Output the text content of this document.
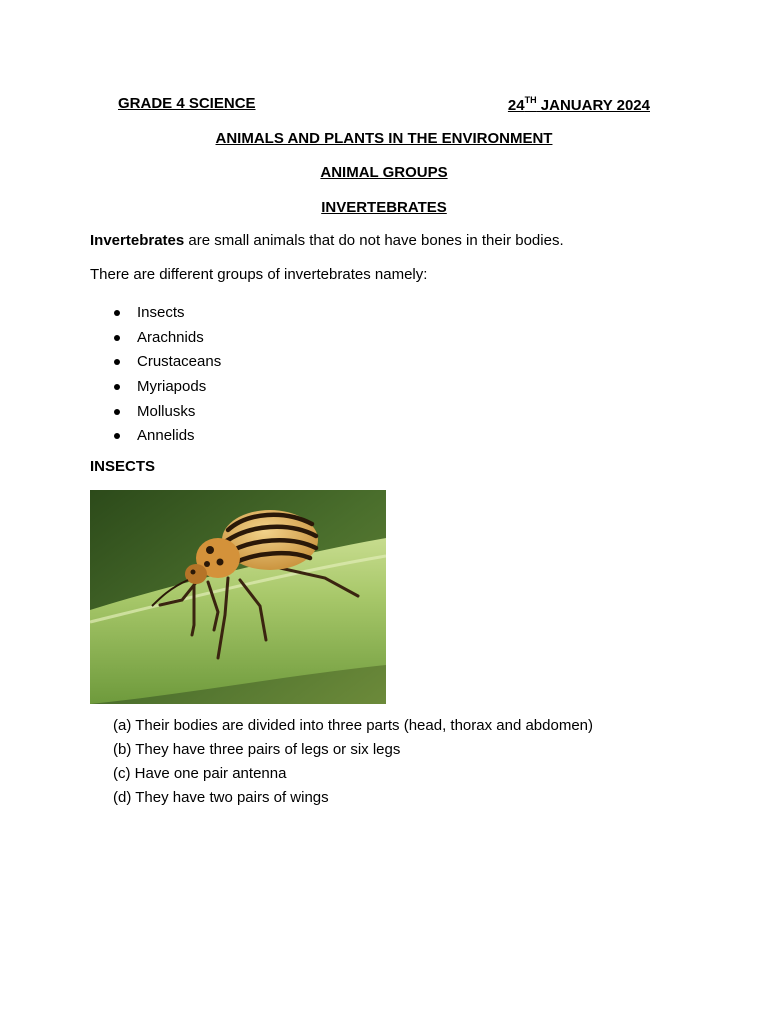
GRADE 4 SCIENCE	24TH JANUARY 2024
ANIMALS AND PLANTS IN THE ENVIRONMENT
ANIMAL GROUPS
INVERTEBRATES
Invertebrates are small animals that do not have bones in their bodies.
There are different groups of invertebrates namely:
Insects
Arachnids
Crustaceans
Myriapods
Mollusks
Annelids
INSECTS
(a) Their bodies are divided into three parts (head, thorax and abdomen)
(b) They have three pairs of legs or six legs
(c) Have one pair antenna
(d) They have two pairs of wings
